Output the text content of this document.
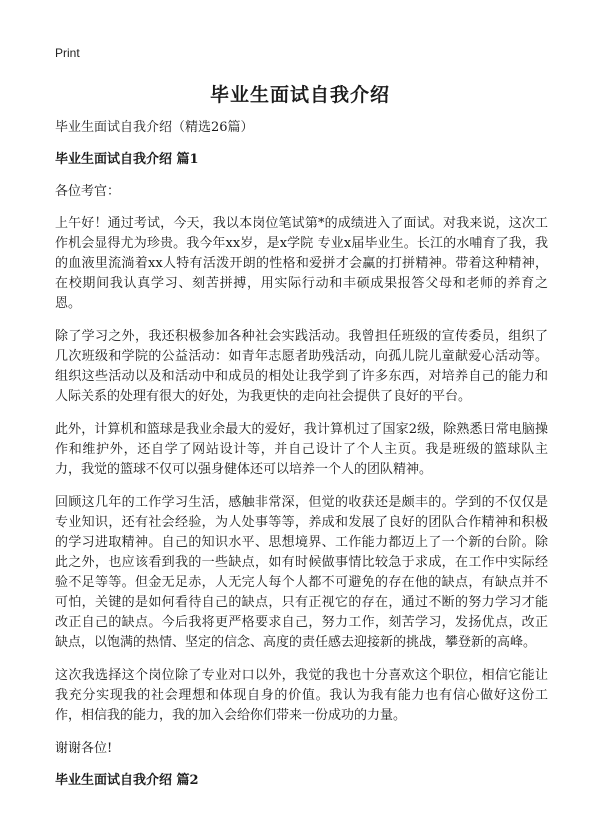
Print
毕业生面试自我介绍

毕业生面试自我介绍（精选26篇）

毕业生面试自我介绍 篇1

各位考官：

上午好！通过考试，今天，我以本岗位笔试第*的成绩进入了面试。对我来说，这次工作机会显得尤为珍贵。我今年xx岁，是x学院 专业x届毕业生。长江的水哺育了我，我的血液里流淌着xx人特有活泼开朗的性格和爱拼才会赢的打拼精神。带着这种精神，在校期间我认真学习、刻苦拼搏，用实际行动和丰硕成果报答父母和老师的养育之恩。

除了学习之外，我还积极参加各种社会实践活动。我曾担任班级的宣传委员，组织了几次班级和学院的公益活动：如青年志愿者助残活动，向孤儿院儿童献爱心活动等。组织这些活动以及和活动中和成员的相处让我学到了许多东西，对培养自己的能力和人际关系的处理有很大的好处，为我更快的走向社会提供了良好的平台。

此外，计算机和篮球是我业余最大的爱好，我计算机过了国家2级，除熟悉日常电脑操作和维护外，还自学了网站设计等，并自己设计了个人主页。我是班级的篮球队主力，我觉的篮球不仅可以强身健体还可以培养一个人的团队精神。

回顾这几年的工作学习生活，感触非常深，但觉的收获还是颇丰的。学到的不仅仅是专业知识，还有社会经验，为人处事等等，养成和发展了良好的团队合作精神和积极的学习进取精神。自己的知识水平、思想境界、工作能力都迈上了一个新的台阶。除此之外，也应该看到我的一些缺点，如有时候做事情比较急于求成，在工作中实际经验不足等等。但金无足赤，人无完人每个人都不可避免的存在他的缺点，有缺点并不可怕，关键的是如何看待自己的缺点，只有正视它的存在，通过不断的努力学习才能改正自己的缺点。今后我将更严格要求自己，努力工作，刻苦学习，发扬优点，改正缺点，以饱满的热情、坚定的信念、高度的责任感去迎接新的挑战，攀登新的高峰。

这次我选择这个岗位除了专业对口以外，我觉的我也十分喜欢这个职位，相信它能让我充分实现我的社会理想和体现自身的价值。我认为我有能力也有信心做好这份工作，相信我的能力，我的加入会给你们带来一份成功的力量。

谢谢各位!

毕业生面试自我介绍 篇2
